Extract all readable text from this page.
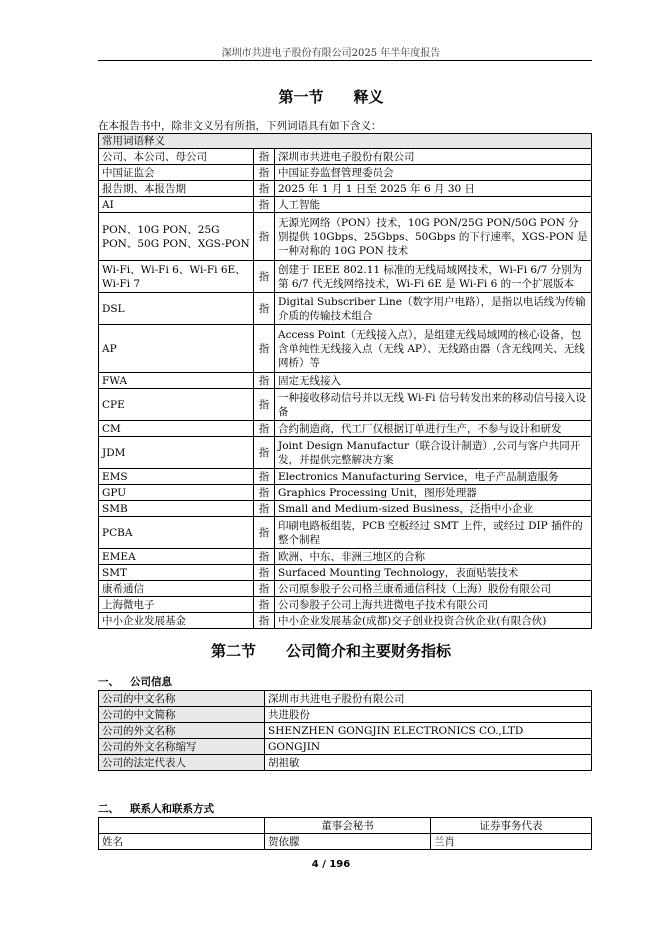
深圳市共进电子股份有限公司2025 年半年度报告
第一节 释义
在本报告书中，除非文义另有所指，下列词语具有如下含义：
常用词语释义		
公司、本公司、母公司	指	深圳市共进电子股份有限公司
中国证监会	指	中国证券监督管理委员会
报告期、本报告期	指	2025 年 1 月 1 日至 2025 年 6 月 30 日
AI	指	人工智能
PON、10G PON、25G PON、50G PON、XGS-PON	指	无源光网络（PON）技术，10G PON/25G PON/50G PON 分别提供 10Gbps、25Gbps、50Gbps 的下行速率，XGS-PON 是一种对称的 10G PON 技术
Wi-Fi、Wi-Fi 6、Wi-Fi 6E、Wi-Fi 7	指	创建于 IEEE 802.11 标准的无线局域网技术，Wi-Fi 6/7 分别为第 6/7 代无线网络技术，Wi-Fi 6E 是 Wi-Fi 6 的一个扩展版本
DSL	指	Digital Subscriber Line（数字用户电路），是指以电话线为传输介质的传输技术组合
AP	指	Access Point（无线接入点），是组建无线局域网的核心设备，包含单纯性无线接入点（无线 AP）、无线路由器（含无线网关、无线网桥）等
FWA	指	固定无线接入
CPE	指	一种接收移动信号并以无线 Wi-Fi 信号转发出来的移动信号接入设备
CM	指	合约制造商，代工厂仅根据订单进行生产，不参与设计和研发
JDM	指	Joint Design Manufactur（联合设计制造）,公司与客户共同开发，并提供完整解决方案
EMS	指	Electronics Manufacturing Service，电子产品制造服务
GPU	指	Graphics Processing Unit，图形处理器
SMB	指	Small and Medium-sized Business，泛指中小企业
PCBA	指	印刷电路板组装，PCB 空板经过 SMT 上件，或经过 DIP 插件的整个制程
EMEA	指	欧洲、中东、非洲三地区的合称
SMT	指	Surfaced Mounting Technology，表面贴装技术
康希通信	指	公司原参股子公司格兰康希通信科技（上海）股份有限公司
上海微电子	指	公司参股子公司上海共进微电子技术有限公司
中小企业发展基金	指	中小企业发展基金(成都)交子创业投资合伙企业(有限合伙)
第二节 公司简介和主要财务指标
一、 公司信息
公司的中文名称	深圳市共进电子股份有限公司
公司的中文简称	共进股份
公司的外文名称	SHENZHEN GONGJIN ELECTRONICS CO.,LTD
公司的外文名称缩写	GONGJIN
公司的法定代表人	胡祖敏
二、 联系人和联系方式
	董事会秘书	证券事务代表
姓名	贺依朦	兰肖
4 / 196
